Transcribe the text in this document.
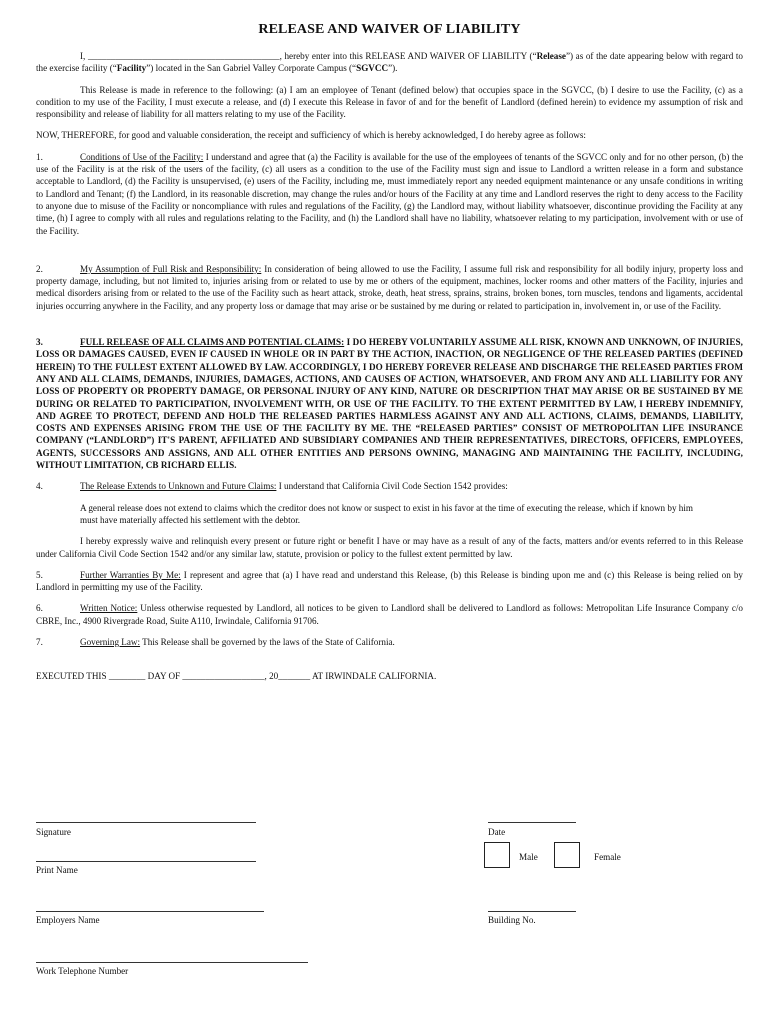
RELEASE AND WAIVER OF LIABILITY

I, __________________________________________, hereby enter into this RELEASE AND WAIVER OF LIABILITY (“Release”) as of the date appearing below with regard to the exercise facility (“Facility”) located in the San Gabriel Valley Corporate Campus (“SGVCC”).

This Release is made in reference to the following: (a) I am an employee of Tenant (defined below) that occupies space in the SGVCC, (b) I desire to use the Facility, (c) as a condition to my use of the Facility, I must execute a release, and (d) I execute this Release in favor of and for the benefit of Landlord (defined herein) to evidence my assumption of risk and responsibility and release of liability for all matters relating to my use of the Facility.

NOW, THEREFORE, for good and valuable consideration, the receipt and sufficiency of which is hereby acknowledged, I do hereby agree as follows:

1.	Conditions of Use of the Facility: I understand and agree that (a) the Facility is available for the use of the employees of tenants of the SGVCC only and for no other person, (b) the use of the Facility is at the risk of the users of the facility, (c) all users as a condition to the use of the Facility must sign and issue to Landlord a written release in a form and substance acceptable to Landlord, (d) the Facility is unsupervised, (e) users of the Facility, including me, must immediately report any needed equipment maintenance or any unsafe conditions in writing to Landlord and Tenant; (f) the Landlord, in its reasonable discretion, may change the rules and/or hours of the Facility at any time and Landlord reserves the right to deny access to the Facility to anyone due to misuse of the Facility or noncompliance with rules and regulations of the Facility, (g) the Landlord may, without liability whatsoever, discontinue providing the Facility at any time, (h) I agree to comply with all rules and regulations relating to the Facility, and (h) the Landlord shall have no liability, whatsoever relating to my participation, involvement with or use of the Facility.

2.	My Assumption of Full Risk and Responsibility: In consideration of being allowed to use the Facility, I assume full risk and responsibility for all bodily injury, property loss and property damage, including, but not limited to, injuries arising from or related to use by me or others of the equipment, machines, locker rooms and other matters of the Facility, injuries and medical disorders arising from or related to the use of the Facility such as heart attack, stroke, death, heat stress, sprains, strains, broken bones, torn muscles, tendons and ligaments, accidental injuries occurring anywhere in the Facility, and any property loss or damage that may arise or be sustained by me during or related to participation in, involvement in, or use of the Facility.

3.	FULL RELEASE OF ALL CLAIMS AND POTENTIAL CLAIMS: I DO HEREBY VOLUNTARILY ASSUME ALL RISK, KNOWN AND UNKNOWN, OF INJURIES, LOSS OR DAMAGES CAUSED, EVEN IF CAUSED IN WHOLE OR IN PART BY THE ACTION, INACTION, OR NEGLIGENCE OF THE RELEASED PARTIES (DEFINED HEREIN) TO THE FULLEST EXTENT ALLOWED BY LAW. ACCORDINGLY, I DO HEREBY FOREVER RELEASE AND DISCHARGE THE RELEASED PARTIES FROM ANY AND ALL CLAIMS, DEMANDS, INJURIES, DAMAGES, ACTIONS, AND CAUSES OF ACTION, WHATSOEVER, AND FROM ANY AND ALL LIABILITY FOR ANY LOSS OF PROPERTY OR PROPERTY DAMAGE, OR PERSONAL INJURY OF ANY KIND, NATURE OR DESCRIPTION THAT MAY ARISE OR BE SUSTAINED BY ME DURING OR RELATED TO PARTICIPATION, INVOLVEMENT WITH, OR USE OF THE FACILITY. TO THE EXTENT PERMITTED BY LAW, I HEREBY INDEMNIFY, AND AGREE TO PROTECT, DEFEND AND HOLD THE RELEASED PARTIES HARMLESS AGAINST ANY AND ALL ACTIONS, CLAIMS, DEMANDS, LIABILITY, COSTS AND EXPENSES ARISING FROM THE USE OF THE FACILITY BY ME. THE “RELEASED PARTIES” CONSIST OF METROPOLITAN LIFE INSURANCE COMPANY (“LANDLORD”) IT'S PARENT, AFFILIATED AND SUBSIDIARY COMPANIES AND THEIR REPRESENTATIVES, DIRECTORS, OFFICERS, EMPLOYEES, AGENTS, SUCCESSORS AND ASSIGNS, AND ALL OTHER ENTITIES AND PERSONS OWNING, MANAGING AND MAINTAINING THE FACILITY, INCLUDING, WITHOUT LIMITATION, CB RICHARD ELLIS.

4.	The Release Extends to Unknown and Future Claims: I understand that California Civil Code Section 1542 provides:

A general release does not extend to claims which the creditor does not know or suspect to exist in his favor at the time of executing the release, which if known by him must have materially affected his settlement with the debtor.

I hereby expressly waive and relinquish every present or future right or benefit I have or may have as a result of any of the facts, matters and/or events referred to in this Release under California Civil Code Section 1542 and/or any similar law, statute, provision or policy to the fullest extent permitted by law.

5.	Further Warranties By Me: I represent and agree that (a) I have read and understand this Release, (b) this Release is binding upon me and (c) this Release is being relied on by Landlord in permitting my use of the Facility.

6.	Written Notice: Unless otherwise requested by Landlord, all notices to be given to Landlord shall be delivered to Landlord as follows: Metropolitan Life Insurance Company c/o CBRE, Inc., 4900 Rivergrade Road, Suite A110, Irwindale, California 91706.

7.	Governing Law: This Release shall be governed by the laws of the State of California.

EXECUTED THIS ________ DAY OF __________________, 20_______ AT IRWINDALE CALIFORNIA.

Signature	Date
Print Name
Male	Female
Employers Name	Building No.
Work Telephone Number
